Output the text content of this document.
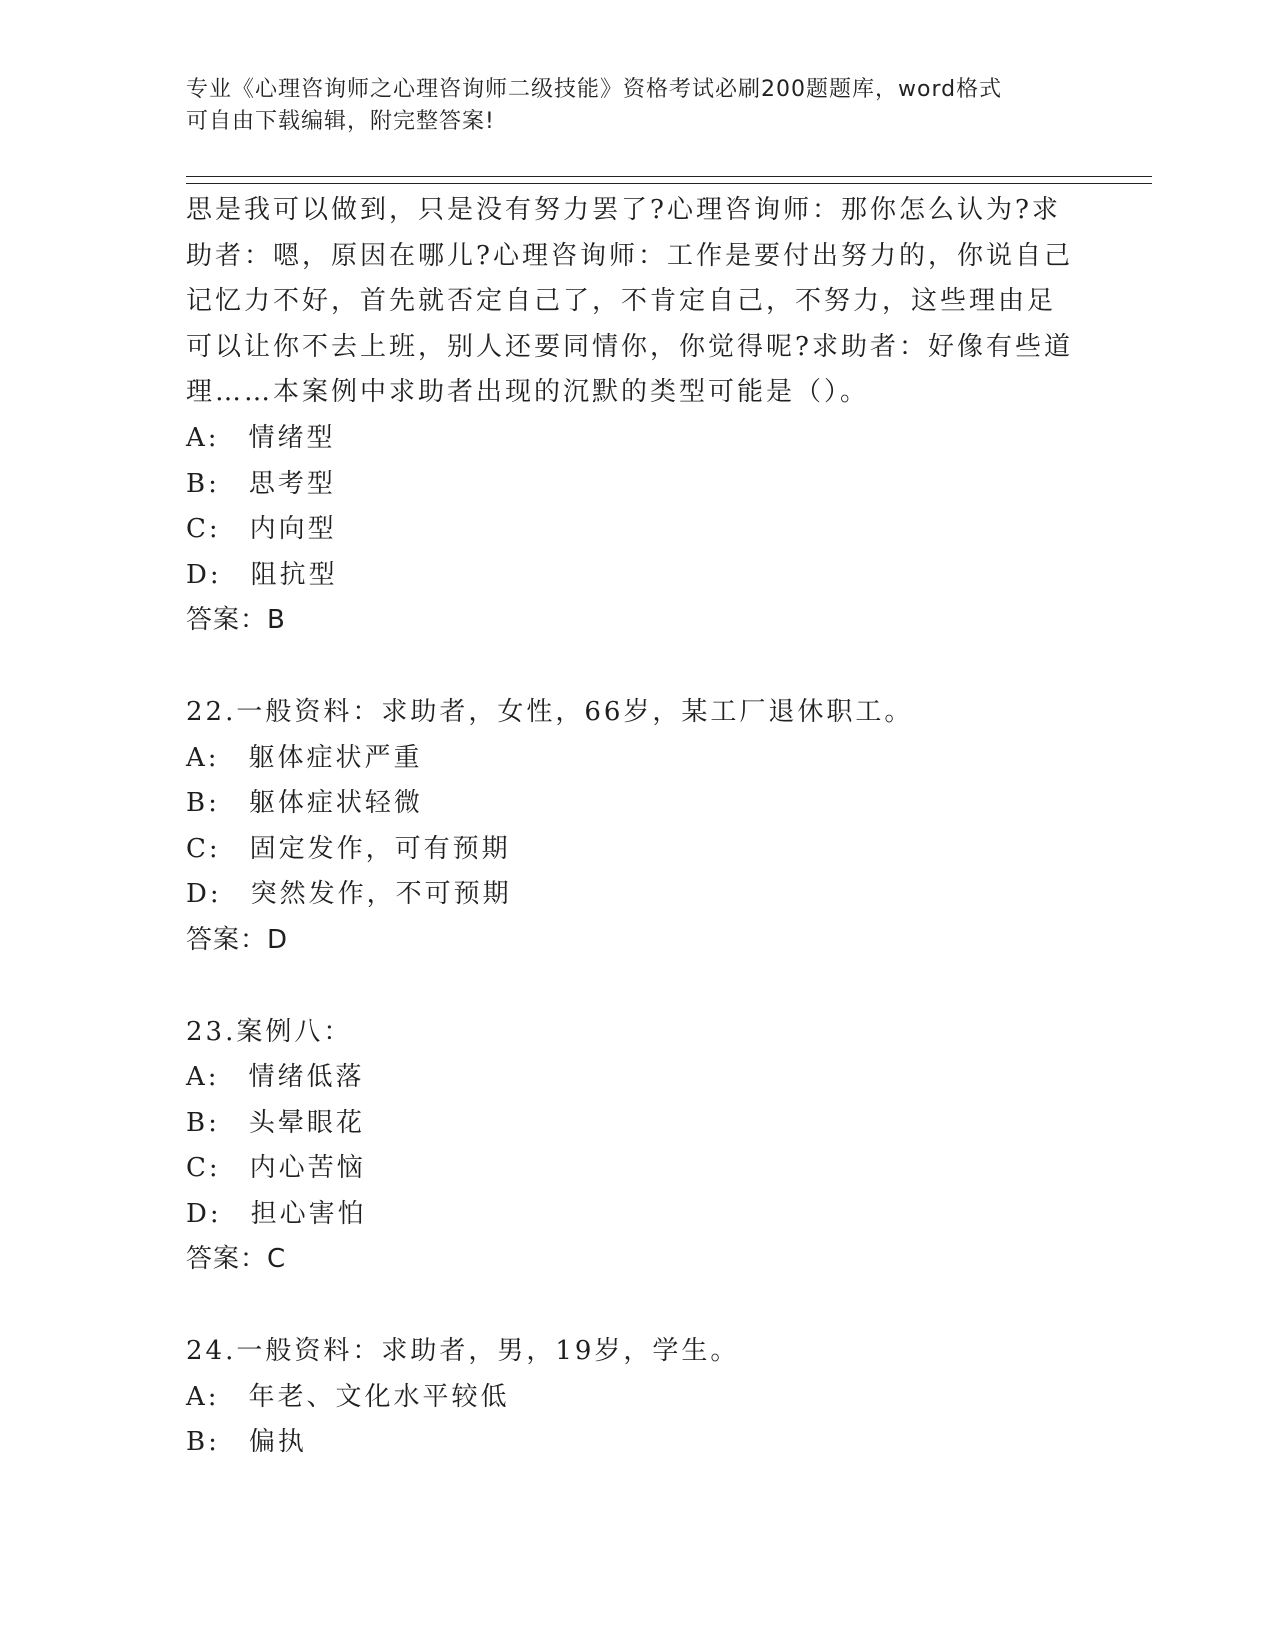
专业《心理咨询师之心理咨询师二级技能》资格考试必刷200题题库，word格式
可自由下载编辑，附完整答案!
思是我可以做到，只是没有努力罢了?心理咨询师：那你怎么认为?求
助者：嗯，原因在哪儿?心理咨询师：工作是要付出努力的，你说自己
记忆力不好，首先就否定自己了，不肯定自己，不努力，这些理由足
可以让你不去上班，别人还要同情你，你觉得呢?求助者：好像有些道
理……本案例中求助者出现的沉默的类型可能是（）。
A:　情绪型
B:　思考型
C:　内向型
D:　阻抗型
答案：B
22.一般资料：求助者，女性，66岁，某工厂退休职工。
A:　躯体症状严重
B:　躯体症状轻微
C:　固定发作，可有预期
D:　突然发作，不可预期
答案：D
23.案例八：
A:　情绪低落
B:　头晕眼花
C:　内心苦恼
D:　担心害怕
答案：C
24.一般资料：求助者，男，19岁，学生。
A:　年老、文化水平较低
B:　偏执
